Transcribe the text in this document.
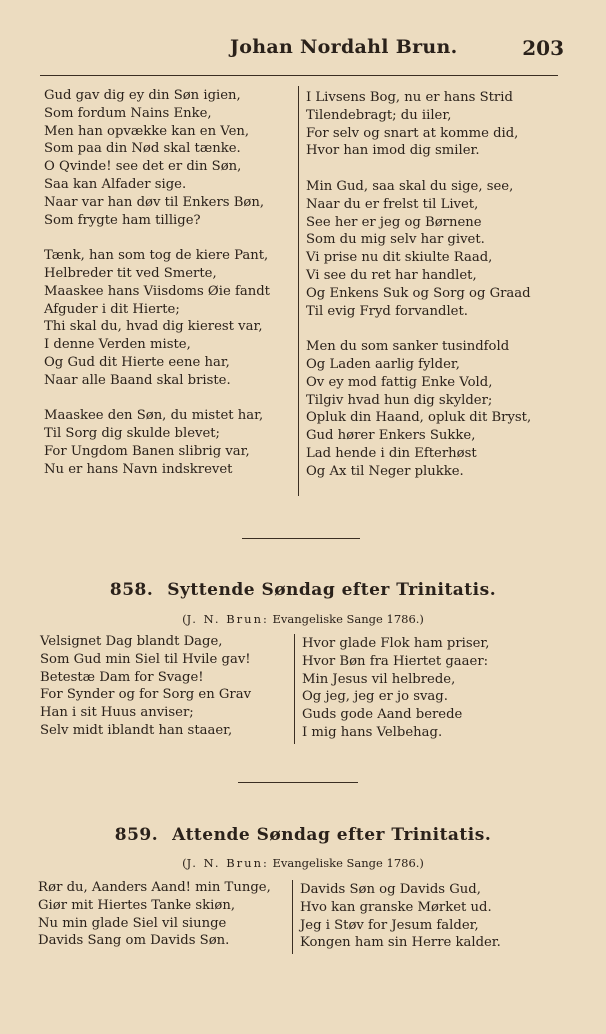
Johan Nordahl Brun.	203
Gud gav dig ey din Søn igien,
Som fordum Nains Enke,
Men han opvække kan en Ven,
Som paa din Nød skal tænke.
O Qvinde! see det er din Søn,
Saa kan Alfader sige.
Naar var han døv til Enkers Bøn,
Som frygte ham tillige?
Tænk, han som tog de kiere Pant,
Helbreder tit ved Smerte,
Maaskee hans Viisdoms Øie fandt
Afguder i dit Hierte;
Thi skal du, hvad dig kierest var,
I denne Verden miste,
Og Gud dit Hierte eene har,
Naar alle Baand skal briste.
Maaskee den Søn, du mistet har,
Til Sorg dig skulde blevet;
For Ungdom Banen slibrig var,
Nu er hans Navn indskrevet
I Livsens Bog, nu er hans Strid
Tilendebragt; du iiler,
For selv og snart at komme did,
Hvor han imod dig smiler.
Min Gud, saa skal du sige, see,
Naar du er frelst til Livet,
See her er jeg og Børnene
Som du mig selv har givet.
Vi prise nu dit skiulte Raad,
Vi see du ret har handlet,
Og Enkens Suk og Sorg og Graad
Til evig Fryd forvandlet.
Men du som sanker tusindfold
Og Laden aarlig fylder,
Ov ey mod fattig Enke Vold,
Tilgiv hvad hun dig skylder;
Opluk din Haand, opluk dit Bryst,
Gud hører Enkers Sukke,
Lad hende i din Efterhøst
Og Ax til Neger plukke.
858. Syttende Søndag efter Trinitatis.
(J. N. Brun: Evangeliske Sange 1786.)
Velsignet Dag blandt Dage,
Som Gud min Siel til Hvile gav!
Betestæ Dam for Svage!
For Synder og for Sorg en Grav
Han i sit Huus anviser;
Selv midt iblandt han staaer,
Hvor glade Flok ham priser,
Hvor Bøn fra Hiertet gaaer:
Min Jesus vil helbrede,
Og jeg, jeg er jo svag.
Guds gode Aand berede
I mig hans Velbehag.
859. Attende Søndag efter Trinitatis.
(J. N. Brun: Evangeliske Sange 1786.)
Rør du, Aanders Aand! min Tunge,
Giør mit Hiertes Tanke skiøn,
Nu min glade Siel vil siunge
Davids Sang om Davids Søn.
Davids Søn og Davids Gud,
Hvo kan granske Mørket ud.
Jeg i Støv for Jesum falder,
Kongen ham sin Herre kalder.
